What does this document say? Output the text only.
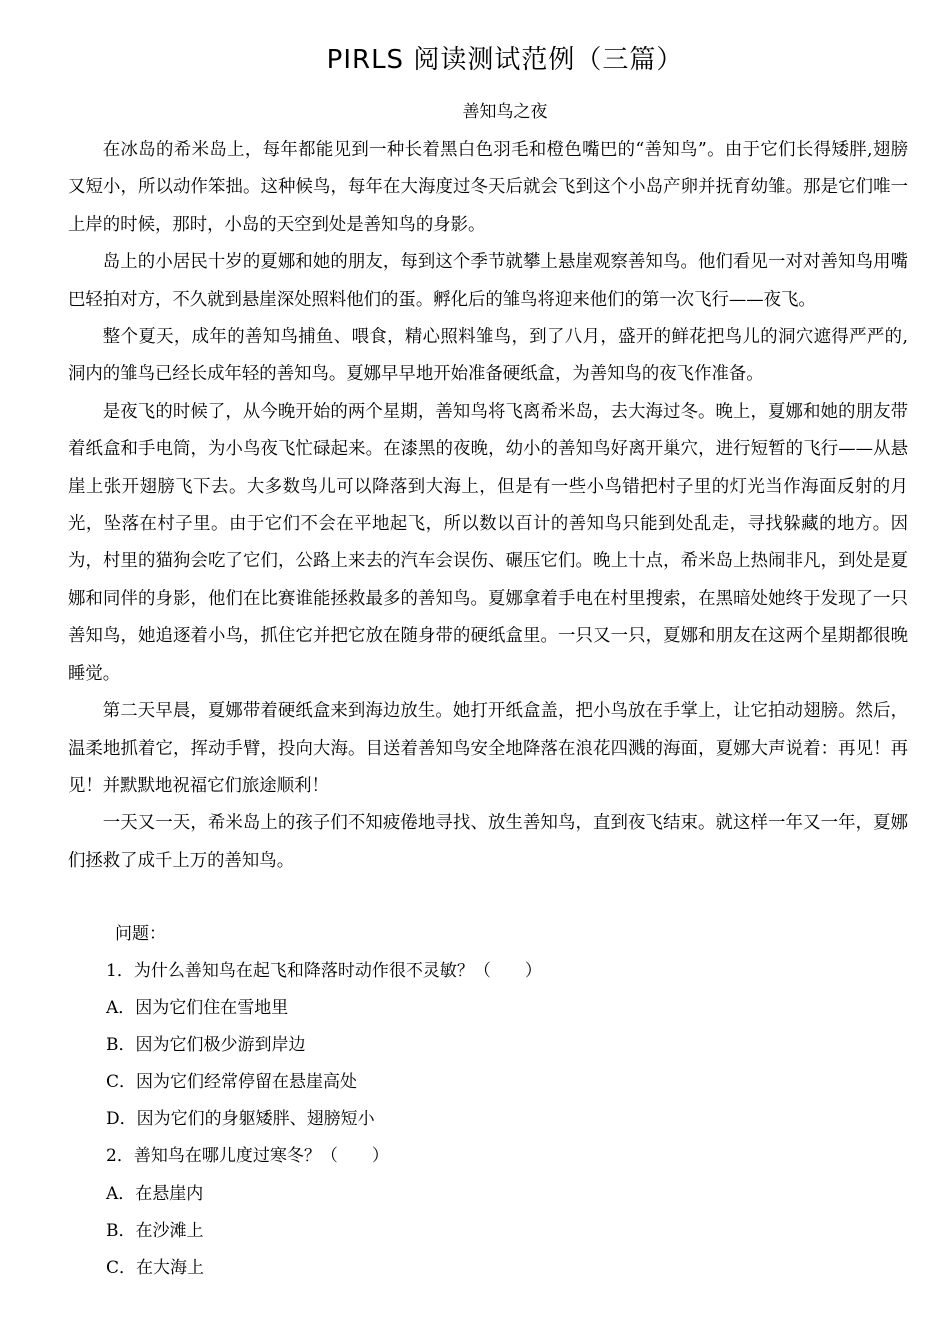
PIRLS 阅读测试范例（三篇）
善知鸟之夜

在冰岛的希米岛上，每年都能见到一种长着黑白色羽毛和橙色嘴巴的“善知鸟”。由于它们长得矮胖,翅膀又短小，所以动作笨拙。这种候鸟，每年在大海度过冬天后就会飞到这个小岛产卵并抚育幼雏。那是它们唯一上岸的时候，那时，小岛的天空到处是善知鸟的身影。

岛上的小居民十岁的夏娜和她的朋友，每到这个季节就攀上悬崖观察善知鸟。他们看见一对对善知鸟用嘴巴轻拍对方，不久就到悬崖深处照料他们的蛋。孵化后的雏鸟将迎来他们的第一次飞行——夜飞。

整个夏天，成年的善知鸟捕鱼、喂食，精心照料雏鸟，到了八月，盛开的鲜花把鸟儿的洞穴遮得严严的,洞内的雏鸟已经长成年轻的善知鸟。夏娜早早地开始准备硬纸盒，为善知鸟的夜飞作准备。

是夜飞的时候了，从今晚开始的两个星期，善知鸟将飞离希米岛，去大海过冬。晚上，夏娜和她的朋友带着纸盒和手电筒，为小鸟夜飞忙碌起来。在漆黑的夜晚，幼小的善知鸟好离开巢穴，进行短暂的飞行——从悬崖上张开翅膀飞下去。大多数鸟儿可以降落到大海上，但是有一些小鸟错把村子里的灯光当作海面反射的月光，坠落在村子里。由于它们不会在平地起飞，所以数以百计的善知鸟只能到处乱走，寻找躲藏的地方。因为，村里的猫狗会吃了它们，公路上来去的汽车会误伤、碾压它们。晚上十点，希米岛上热闹非凡，到处是夏娜和同伴的身影，他们在比赛谁能拯救最多的善知鸟。夏娜拿着手电在村里搜索，在黑暗处她终于发现了一只善知鸟，她追逐着小鸟，抓住它并把它放在随身带的硬纸盒里。一只又一只，夏娜和朋友在这两个星期都很晚睡觉。

第二天早晨，夏娜带着硬纸盒来到海边放生。她打开纸盒盖，把小鸟放在手掌上，让它拍动翅膀。然后，温柔地抓着它，挥动手臂，投向大海。目送着善知鸟安全地降落在浪花四溅的海面，夏娜大声说着：再见！再见！并默默地祝福它们旅途顺利！

一天又一天，希米岛上的孩子们不知疲倦地寻找、放生善知鸟，直到夜飞结束。就这样一年又一年，夏娜们拯救了成千上万的善知鸟。

问题：
1．为什么善知鸟在起飞和降落时动作很不灵敏？（　　）
A．因为它们住在雪地里
B．因为它们极少游到岸边
C．因为它们经常停留在悬崖高处
D．因为它们的身躯矮胖、翅膀短小
2．善知鸟在哪儿度过寒冬？（　　）
A．在悬崖内
B．在沙滩上
C．在大海上
